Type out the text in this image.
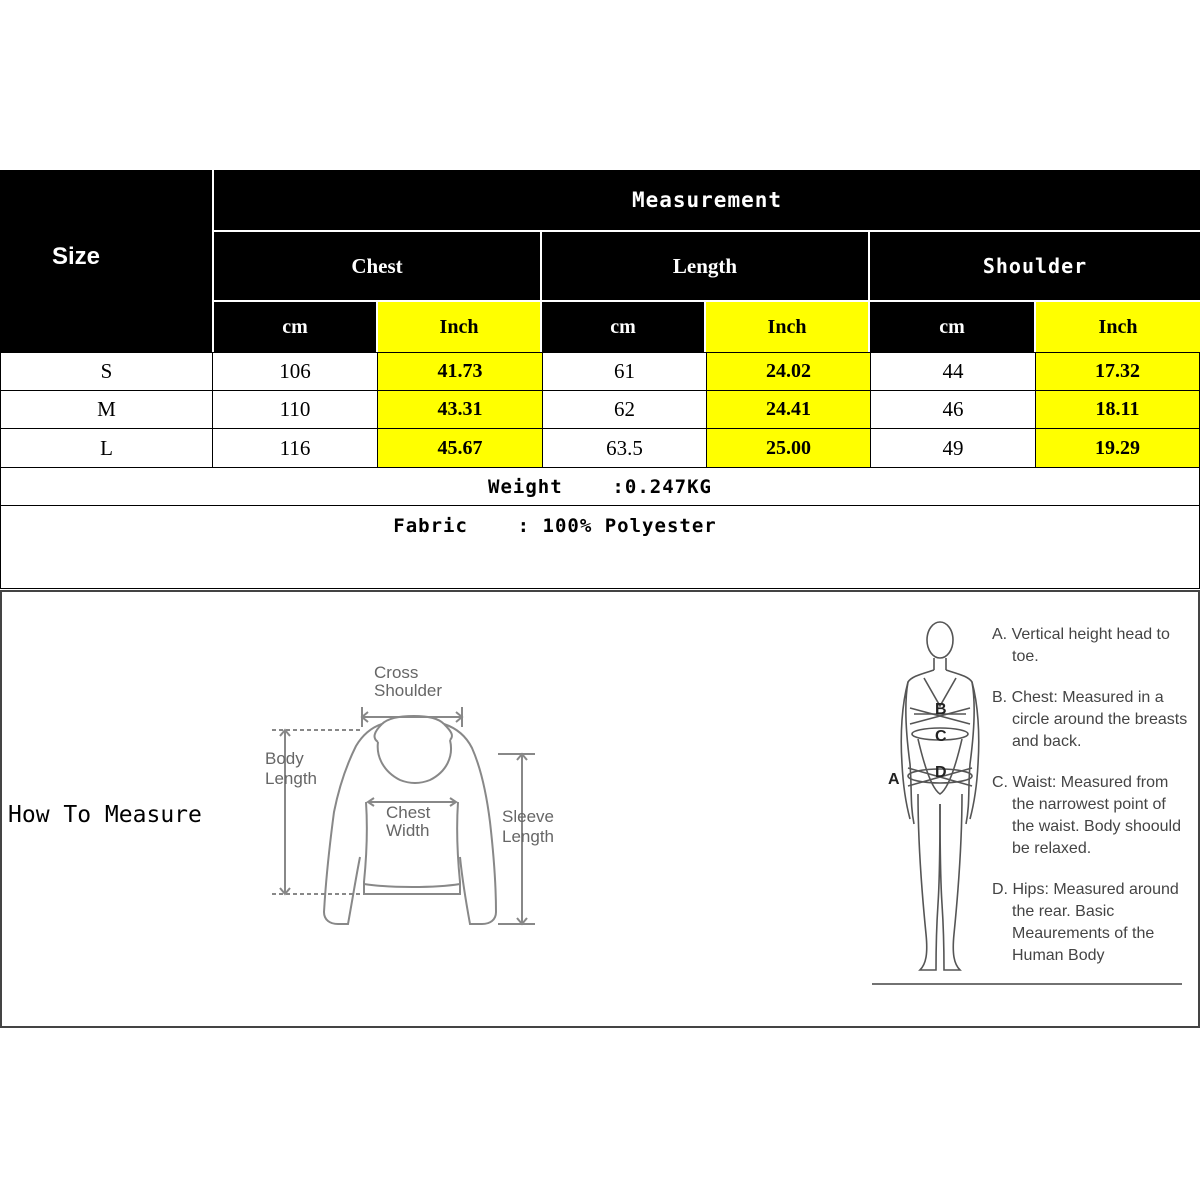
Size
Measurement
Chest	Length	Shoulder
cm	Inch	cm	Inch	cm	Inch
S	106	41.73	61	24.02	44	17.32
M	110	43.31	62	24.41	46	18.11
L	116	45.67	63.5	25.00	49	19.29
Weight    :0.247KG
Fabric    : 100% Polyester
How To Measure
Cross
Shoulder
Body
Length
Chest
Width
Sleeve
Length
A
B
C
D

A. Vertical height head to toe.

B. Chest: Measured in a circle around the breasts and back.

C. Waist: Measured from the narrowest point of the waist. Body shoould be relaxed.

D. Hips: Measured around the rear. Basic Meaurements of the Human Body
